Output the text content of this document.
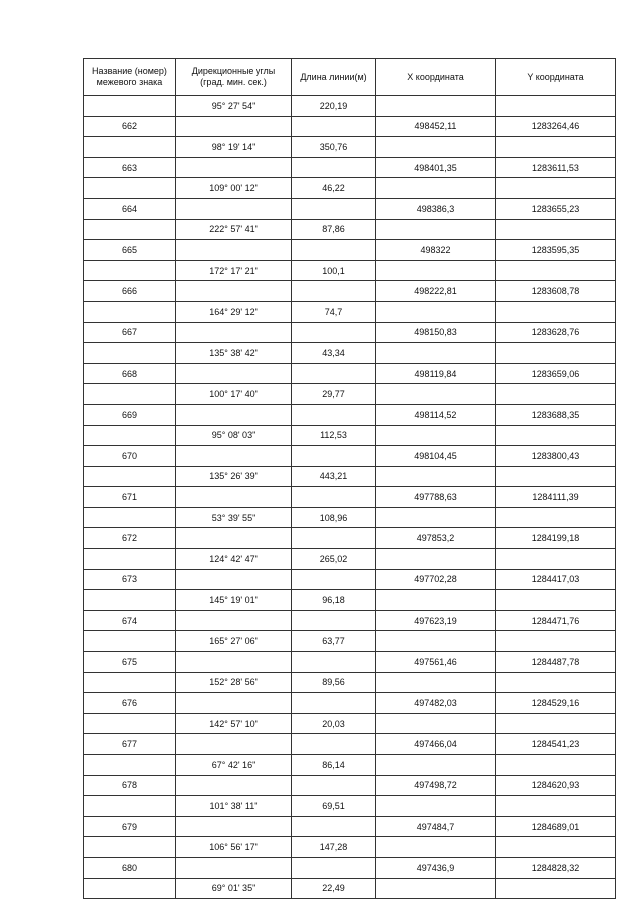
Название (номер) межевого знака	Дирекционные углы (град. мин. сек.)	Длина линии(м)	X координата	Y координата
	95° 27' 54"	220,19		
662			498452,11	1283264,46
	98° 19' 14"	350,76		
663			498401,35	1283611,53
	109° 00' 12"	46,22		
664			498386,3	1283655,23
	222° 57' 41"	87,86		
665			498322	1283595,35
	172° 17' 21"	100,1		
666			498222,81	1283608,78
	164° 29' 12"	74,7		
667			498150,83	1283628,76
	135° 38' 42"	43,34		
668			498119,84	1283659,06
	100° 17' 40"	29,77		
669			498114,52	1283688,35
	95° 08' 03"	112,53		
670			498104,45	1283800,43
	135° 26' 39"	443,21		
671			497788,63	1284111,39
	53° 39' 55"	108,96		
672			497853,2	1284199,18
	124° 42' 47"	265,02		
673			497702,28	1284417,03
	145° 19' 01"	96,18		
674			497623,19	1284471,76
	165° 27' 06"	63,77		
675			497561,46	1284487,78
	152° 28' 56"	89,56		
676			497482,03	1284529,16
	142° 57' 10"	20,03		
677			497466,04	1284541,23
	67° 42' 16"	86,14		
678			497498,72	1284620,93
	101° 38' 11"	69,51		
679			497484,7	1284689,01
	106° 56' 17"	147,28		
680			497436,9	1284828,32
	69° 01' 35"	22,49		
